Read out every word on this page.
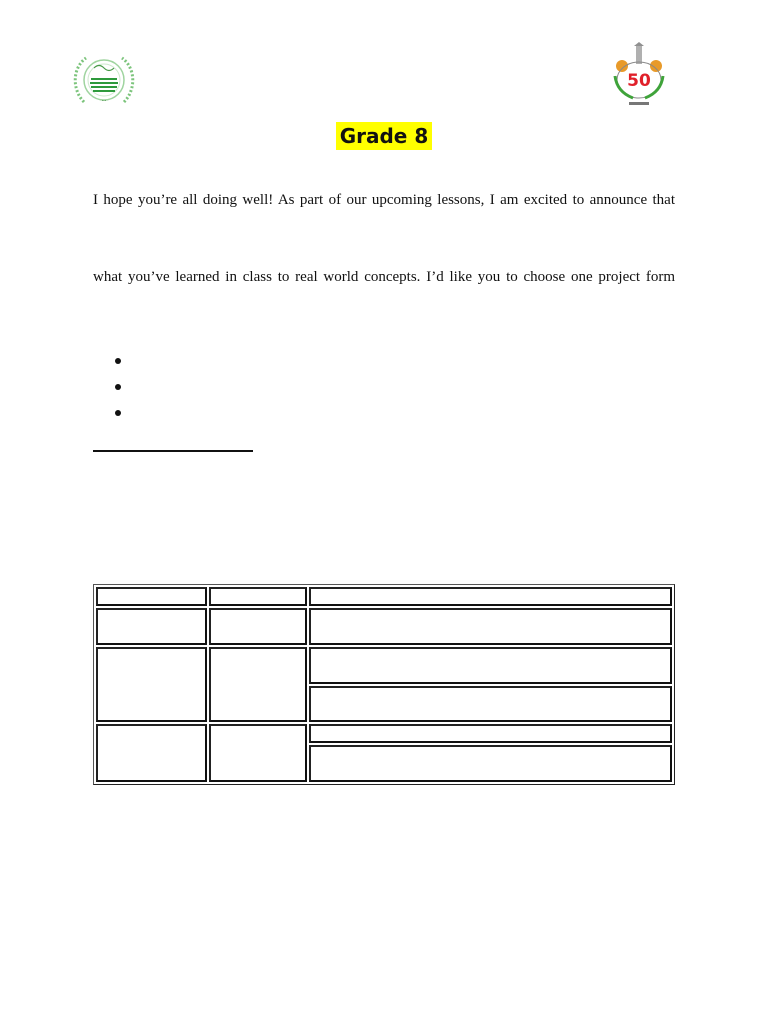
•••
50
Grade 8
I hope you’re all doing well! As part of our upcoming lessons, I am excited to announce that
what you’ve learned in class to real world concepts. I’d like you to choose one project form
